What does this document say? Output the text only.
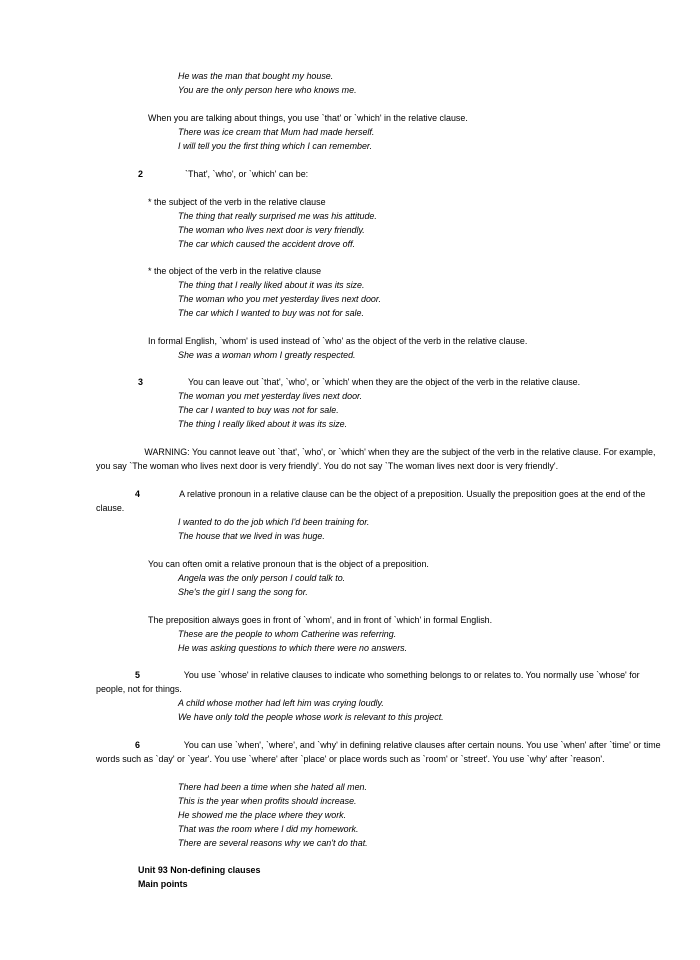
He was the man that bought my house.
You are the only person here who knows me.
When you are talking about things, you use `that' or `which' in the relative clause.
There was ice cream that Mum had made herself.
I will tell you the first thing which I can remember.
2	`That', `who', or `which' can be:
* the subject of the verb in the relative clause
The thing that really surprised me was his attitude.
The woman who lives next door is very friendly.
The car which caused the accident drove off.
* the object of the verb in the relative clause
The thing that I really liked about it was its size.
The woman who you met yesterday lives next door.
The car which I wanted to buy was not for sale.
In formal English, `whom' is used instead of `who' as the object of the verb in the relative clause.
She was a woman whom I greatly respected.
3	You can leave out `that', `who', or `which' when they are the object of the verb in the relative clause.
The woman you met yesterday lives next door.
The car I wanted to buy was not for sale.
The thing I really liked about it was its size.
WARNING: You cannot leave out `that', `who', or `which' when they are the subject of the verb in the relative clause. For example, you say `The woman who lives next door is very friendly'. You do not say `The woman lives next door is very friendly'.
4	A relative pronoun in a relative clause can be the object of a preposition. Usually the preposition goes at the end of the clause.
I wanted to do the job which I'd been training for.
The house that we lived in was huge.
You can often omit a relative pronoun that is the object of a preposition.
Angela was the only person I could talk to.
She's the girl I sang the song for.
The preposition always goes in front of `whom', and in front of `which' in formal English.
These are the people to whom Catherine was referring.
He was asking questions to which there were no answers.
5	You use `whose' in relative clauses to indicate who something belongs to or relates to. You normally use `whose' for people, not for things.
A child whose mother had left him was crying loudly.
We have only told the people whose work is relevant to this project.
6	You can use `when', `where', and `why' in defining relative clauses after certain nouns. You use `when' after `time' or time words such as `day' or `year'. You use `where' after `place' or place words such as `room' or `street'. You use `why' after `reason'.
There had been a time when she hated all men.
This is the year when profits should increase.
He showed me the place where they work.
That was the room where I did my homework.
There are several reasons why we can't do that.
Unit 93 Non-defining clauses
Main points
